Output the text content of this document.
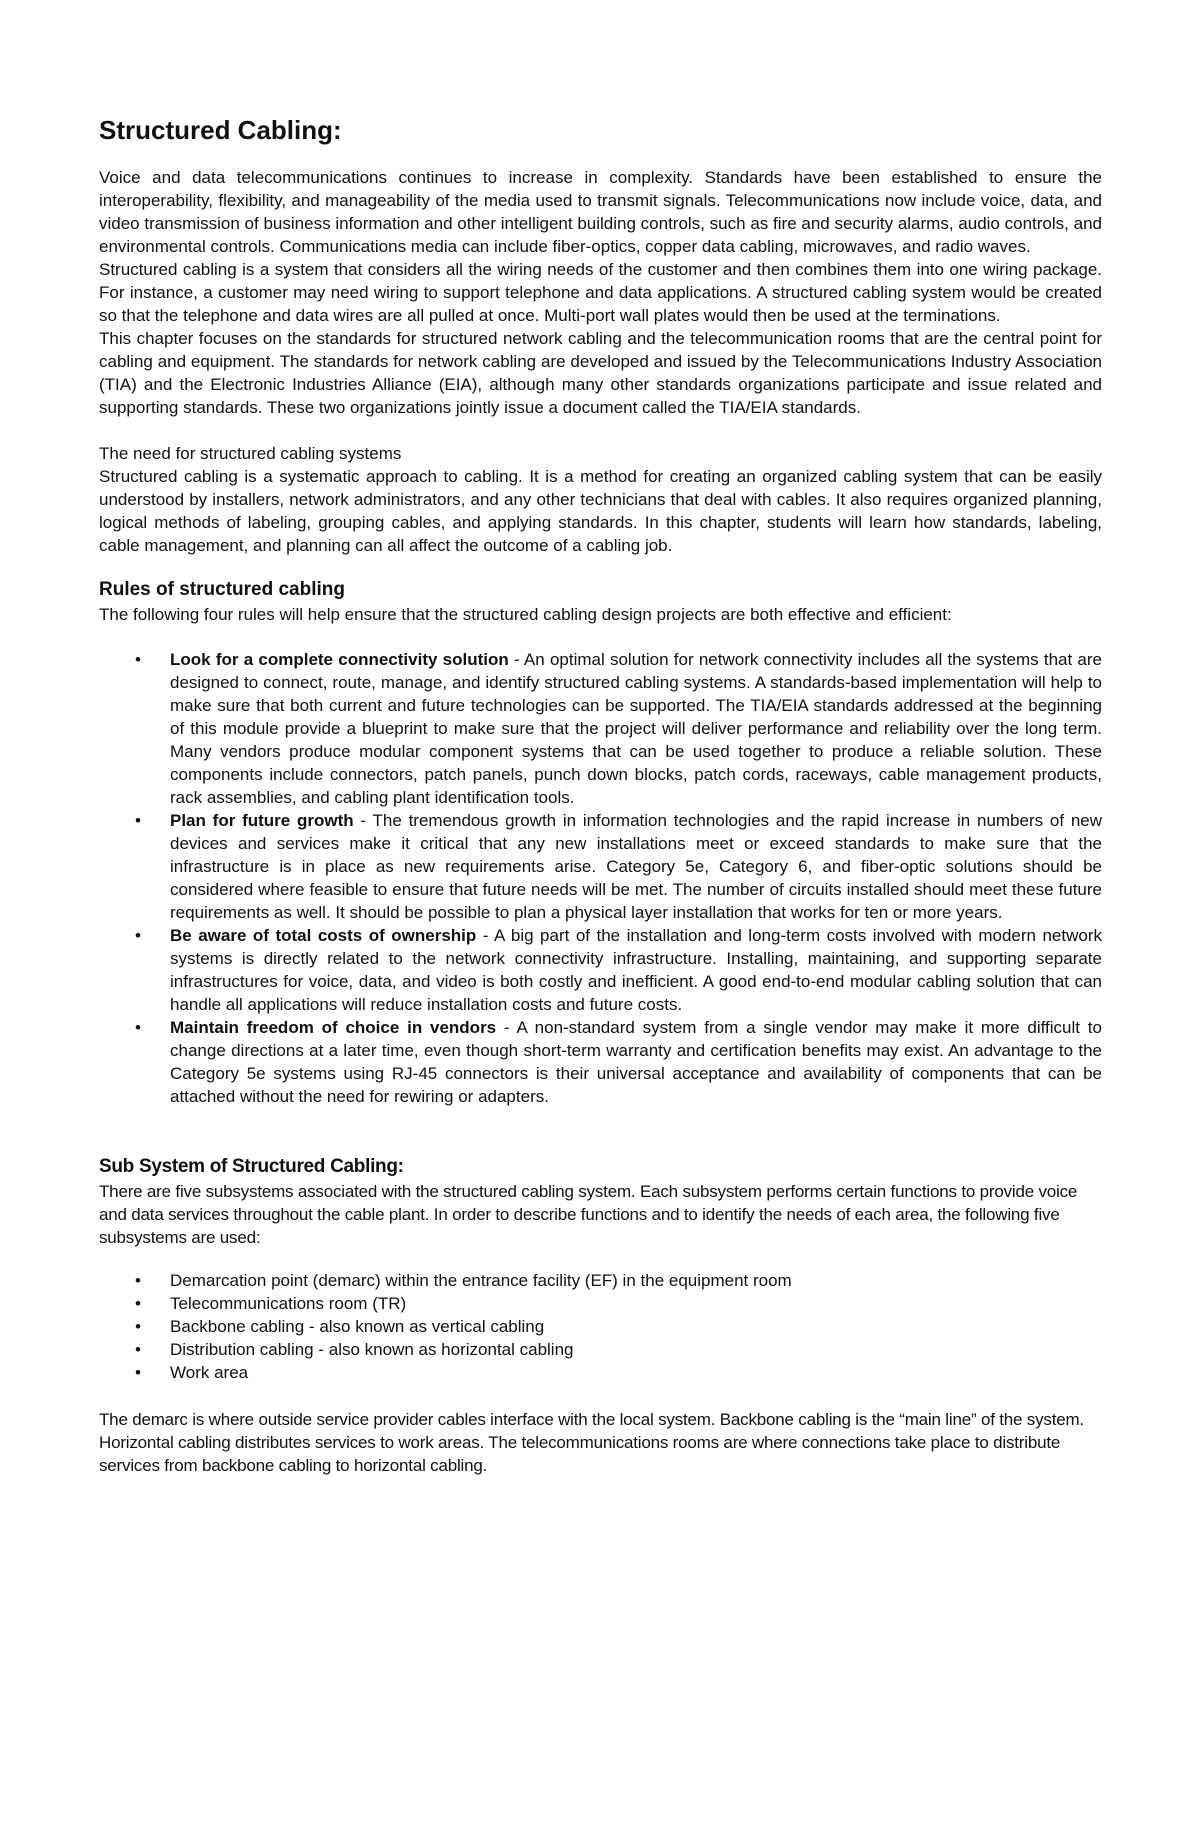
Structured Cabling:

Voice and data telecommunications continues to increase in complexity. Standards have been established to ensure the interoperability, flexibility, and manageability of the media used to transmit signals. Telecommunications now include voice, data, and video transmission of business information and other intelligent building controls, such as fire and security alarms, audio controls, and environmental controls. Communications media can include fiber-optics, copper data cabling, microwaves, and radio waves.

Structured cabling is a system that considers all the wiring needs of the customer and then combines them into one wiring package. For instance, a customer may need wiring to support telephone and data applications. A structured cabling system would be created so that the telephone and data wires are all pulled at once. Multi-port wall plates would then be used at the terminations.

This chapter focuses on the standards for structured network cabling and the telecommunication rooms that are the central point for cabling and equipment. The standards for network cabling are developed and issued by the Telecommunications Industry Association (TIA) and the Electronic Industries Alliance (EIA), although many other standards organizations participate and issue related and supporting standards. These two organizations jointly issue a document called the TIA/EIA standards.

The need for structured cabling systems

Structured cabling is a systematic approach to cabling. It is a method for creating an organized cabling system that can be easily understood by installers, network administrators, and any other technicians that deal with cables. It also requires organized planning, logical methods of labeling, grouping cables, and applying standards. In this chapter, students will learn how standards, labeling, cable management, and planning can all affect the outcome of a cabling job.

Rules of structured cabling

The following four rules will help ensure that the structured cabling design projects are both effective and efficient:

• Look for a complete connectivity solution - An optimal solution for network connectivity includes all the systems that are designed to connect, route, manage, and identify structured cabling systems. A standards-based implementation will help to make sure that both current and future technologies can be supported. The TIA/EIA standards addressed at the beginning of this module provide a blueprint to make sure that the project will deliver performance and reliability over the long term. Many vendors produce modular component systems that can be used together to produce a reliable solution. These components include connectors, patch panels, punch down blocks, patch cords, raceways, cable management products, rack assemblies, and cabling plant identification tools.
• Plan for future growth - The tremendous growth in information technologies and the rapid increase in numbers of new devices and services make it critical that any new installations meet or exceed standards to make sure that the infrastructure is in place as new requirements arise. Category 5e, Category 6, and fiber-optic solutions should be considered where feasible to ensure that future needs will be met. The number of circuits installed should meet these future requirements as well. It should be possible to plan a physical layer installation that works for ten or more years.
• Be aware of total costs of ownership - A big part of the installation and long-term costs involved with modern network systems is directly related to the network connectivity infrastructure. Installing, maintaining, and supporting separate infrastructures for voice, data, and video is both costly and inefficient. A good end-to-end modular cabling solution that can handle all applications will reduce installation costs and future costs.
• Maintain freedom of choice in vendors - A non-standard system from a single vendor may make it more difficult to change directions at a later time, even though short-term warranty and certification benefits may exist. An advantage to the Category 5e systems using RJ-45 connectors is their universal acceptance and availability of components that can be attached without the need for rewiring or adapters.
Sub System of Structured Cabling:

There are five subsystems associated with the structured cabling system. Each subsystem performs certain functions to provide voice and data services throughout the cable plant. In order to describe functions and to identify the needs of each area, the following five subsystems are used:

• Demarcation point (demarc) within the entrance facility (EF) in the equipment room
• Telecommunications room (TR)
• Backbone cabling - also known as vertical cabling
• Distribution cabling - also known as horizontal cabling
• Work area

The demarc is where outside service provider cables interface with the local system. Backbone cabling is the “main line” of the system. Horizontal cabling distributes services to work areas. The telecommunications rooms are where connections take place to distribute services from backbone cabling to horizontal cabling.
